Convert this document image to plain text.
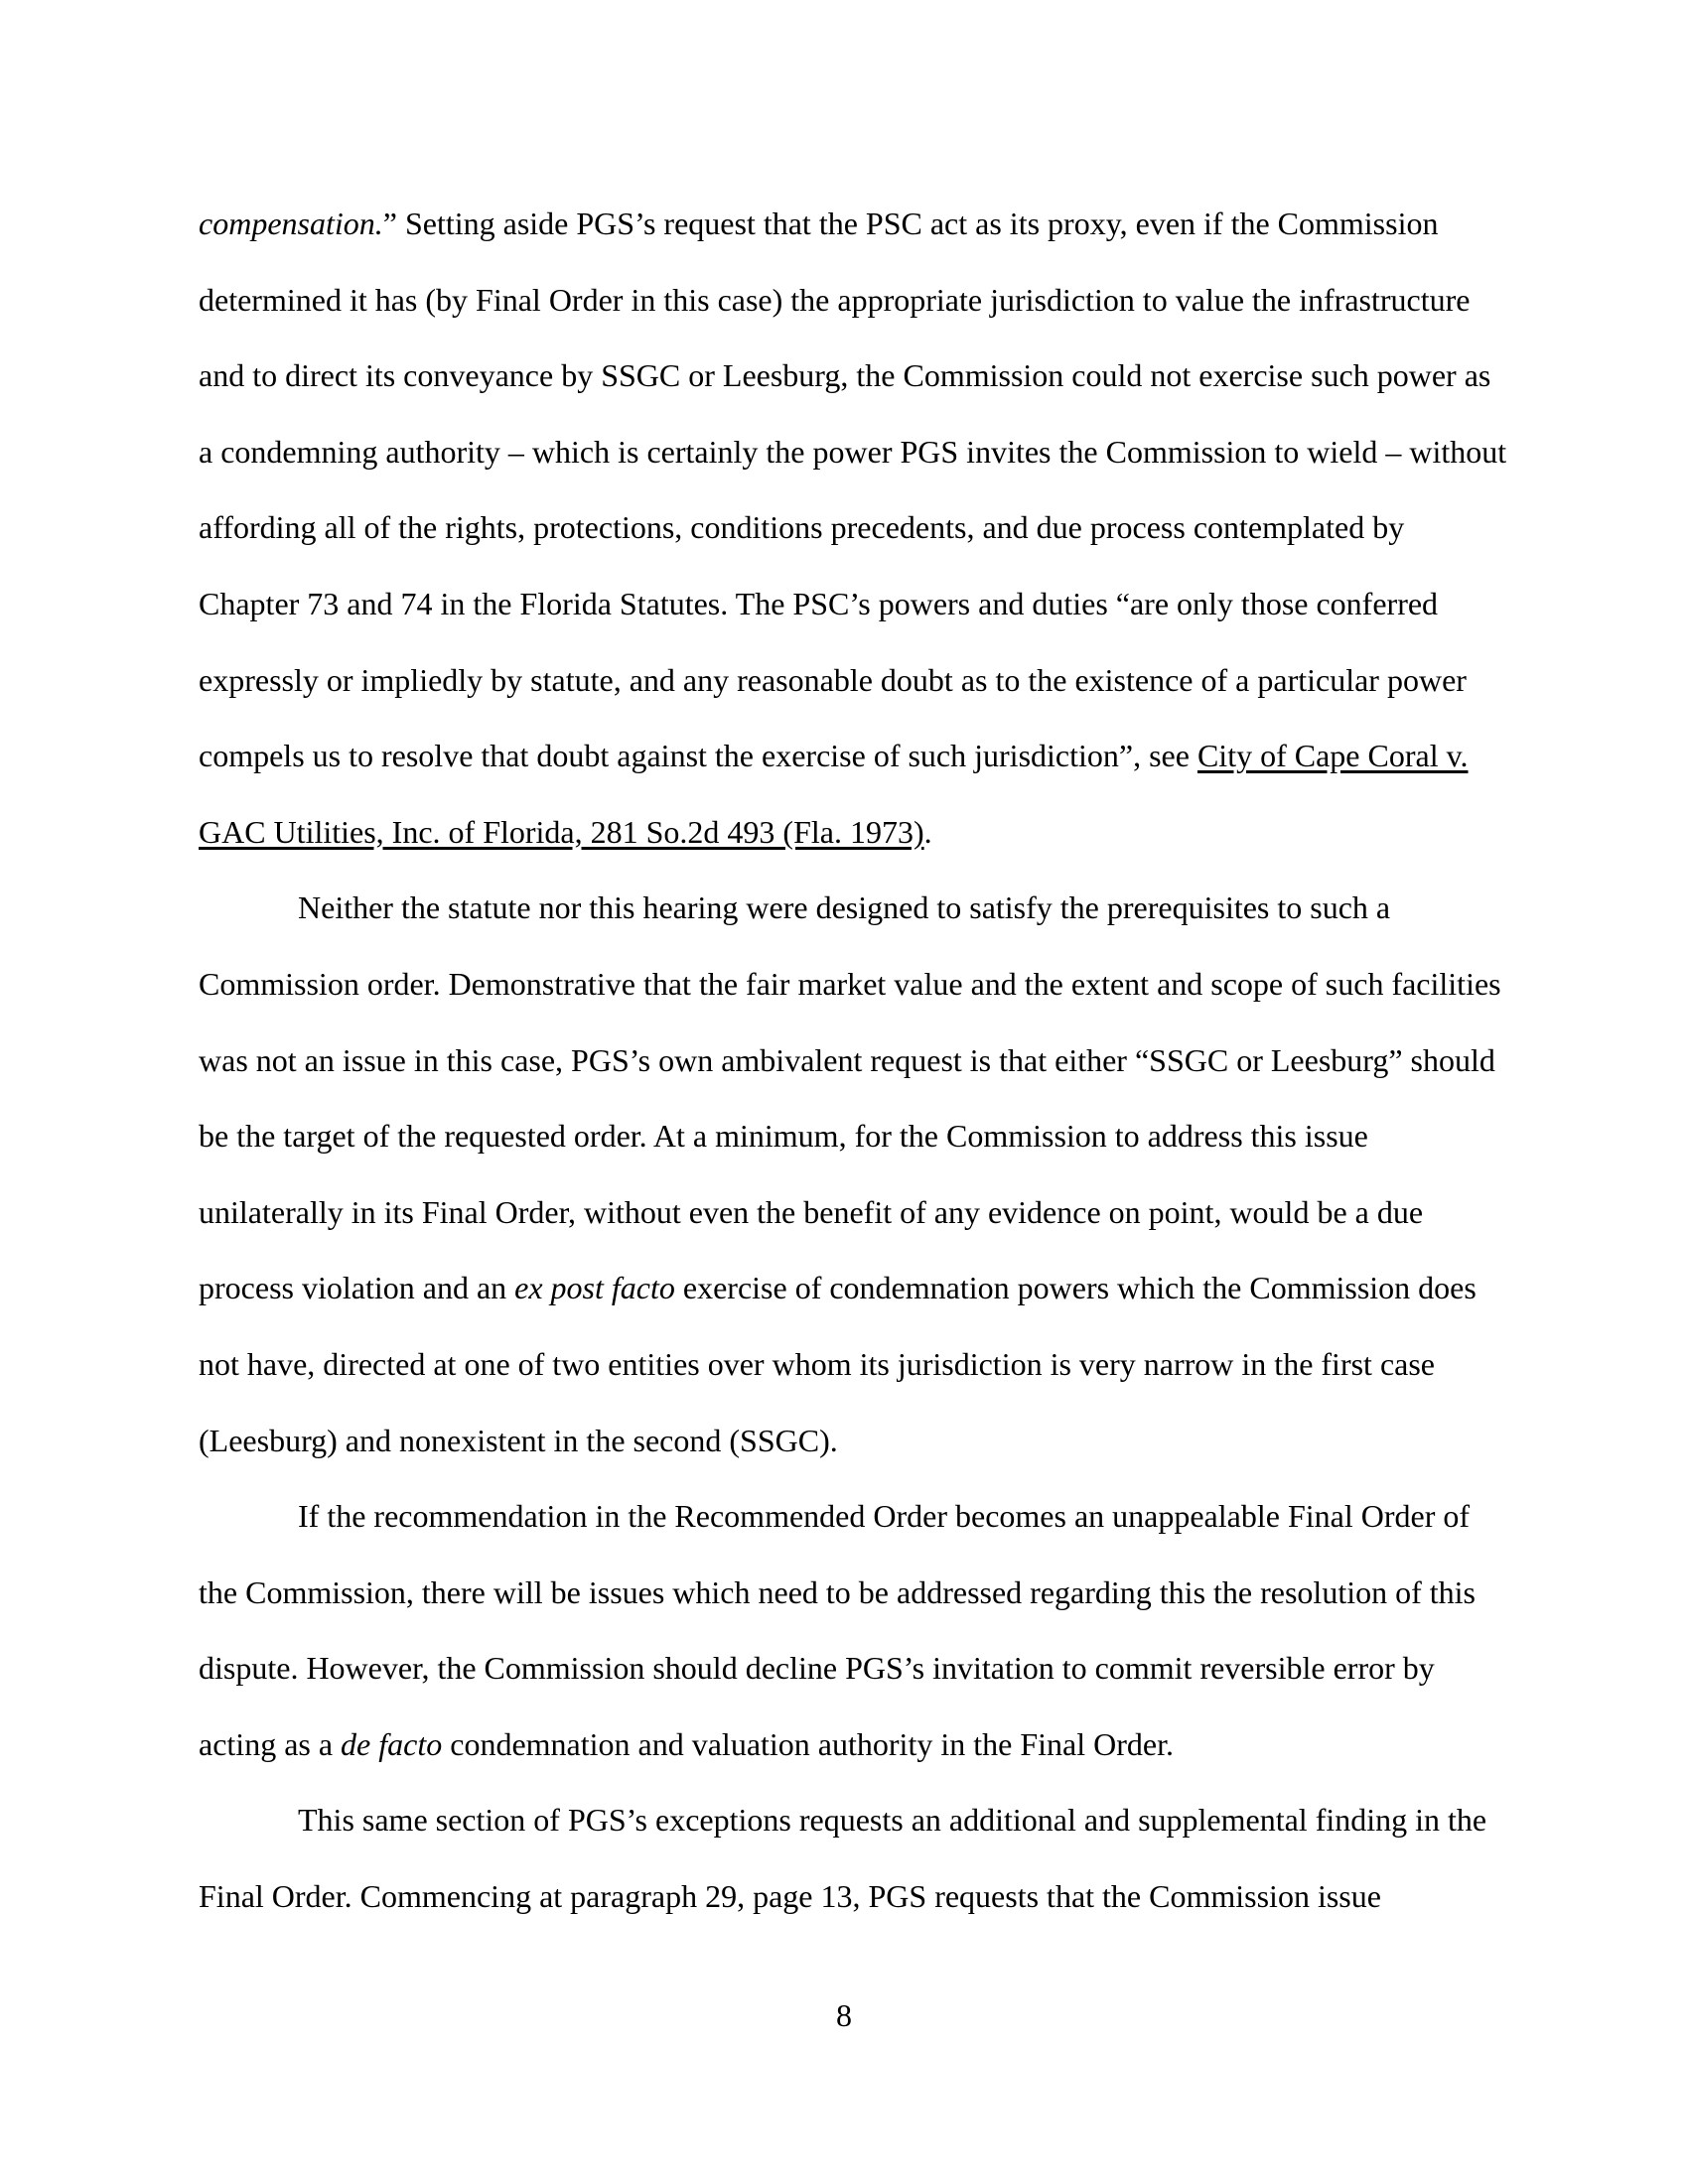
compensation.” Setting aside PGS’s request that the PSC act as its proxy, even if the Commission determined it has (by Final Order in this case) the appropriate jurisdiction to value the infrastructure and to direct its conveyance by SSGC or Leesburg, the Commission could not exercise such power as a condemning authority – which is certainly the power PGS invites the Commission to wield – without affording all of the rights, protections, conditions precedents, and due process contemplated by Chapter 73 and 74 in the Florida Statutes. The PSC’s powers and duties “are only those conferred expressly or impliedly by statute, and any reasonable doubt as to the existence of a particular power compels us to resolve that doubt against the exercise of such jurisdiction”, see City of Cape Coral v. GAC Utilities, Inc. of Florida, 281 So.2d 493 (Fla. 1973).

Neither the statute nor this hearing were designed to satisfy the prerequisites to such a Commission order. Demonstrative that the fair market value and the extent and scope of such facilities was not an issue in this case, PGS’s own ambivalent request is that either “SSGC or Leesburg” should be the target of the requested order. At a minimum, for the Commission to address this issue unilaterally in its Final Order, without even the benefit of any evidence on point, would be a due process violation and an ex post facto exercise of condemnation powers which the Commission does not have, directed at one of two entities over whom its jurisdiction is very narrow in the first case (Leesburg) and nonexistent in the second (SSGC).

If the recommendation in the Recommended Order becomes an unappealable Final Order of the Commission, there will be issues which need to be addressed regarding this the resolution of this dispute. However, the Commission should decline PGS’s invitation to commit reversible error by acting as a de facto condemnation and valuation authority in the Final Order.

This same section of PGS’s exceptions requests an additional and supplemental finding in the Final Order. Commencing at paragraph 29, page 13, PGS requests that the Commission issue

8
